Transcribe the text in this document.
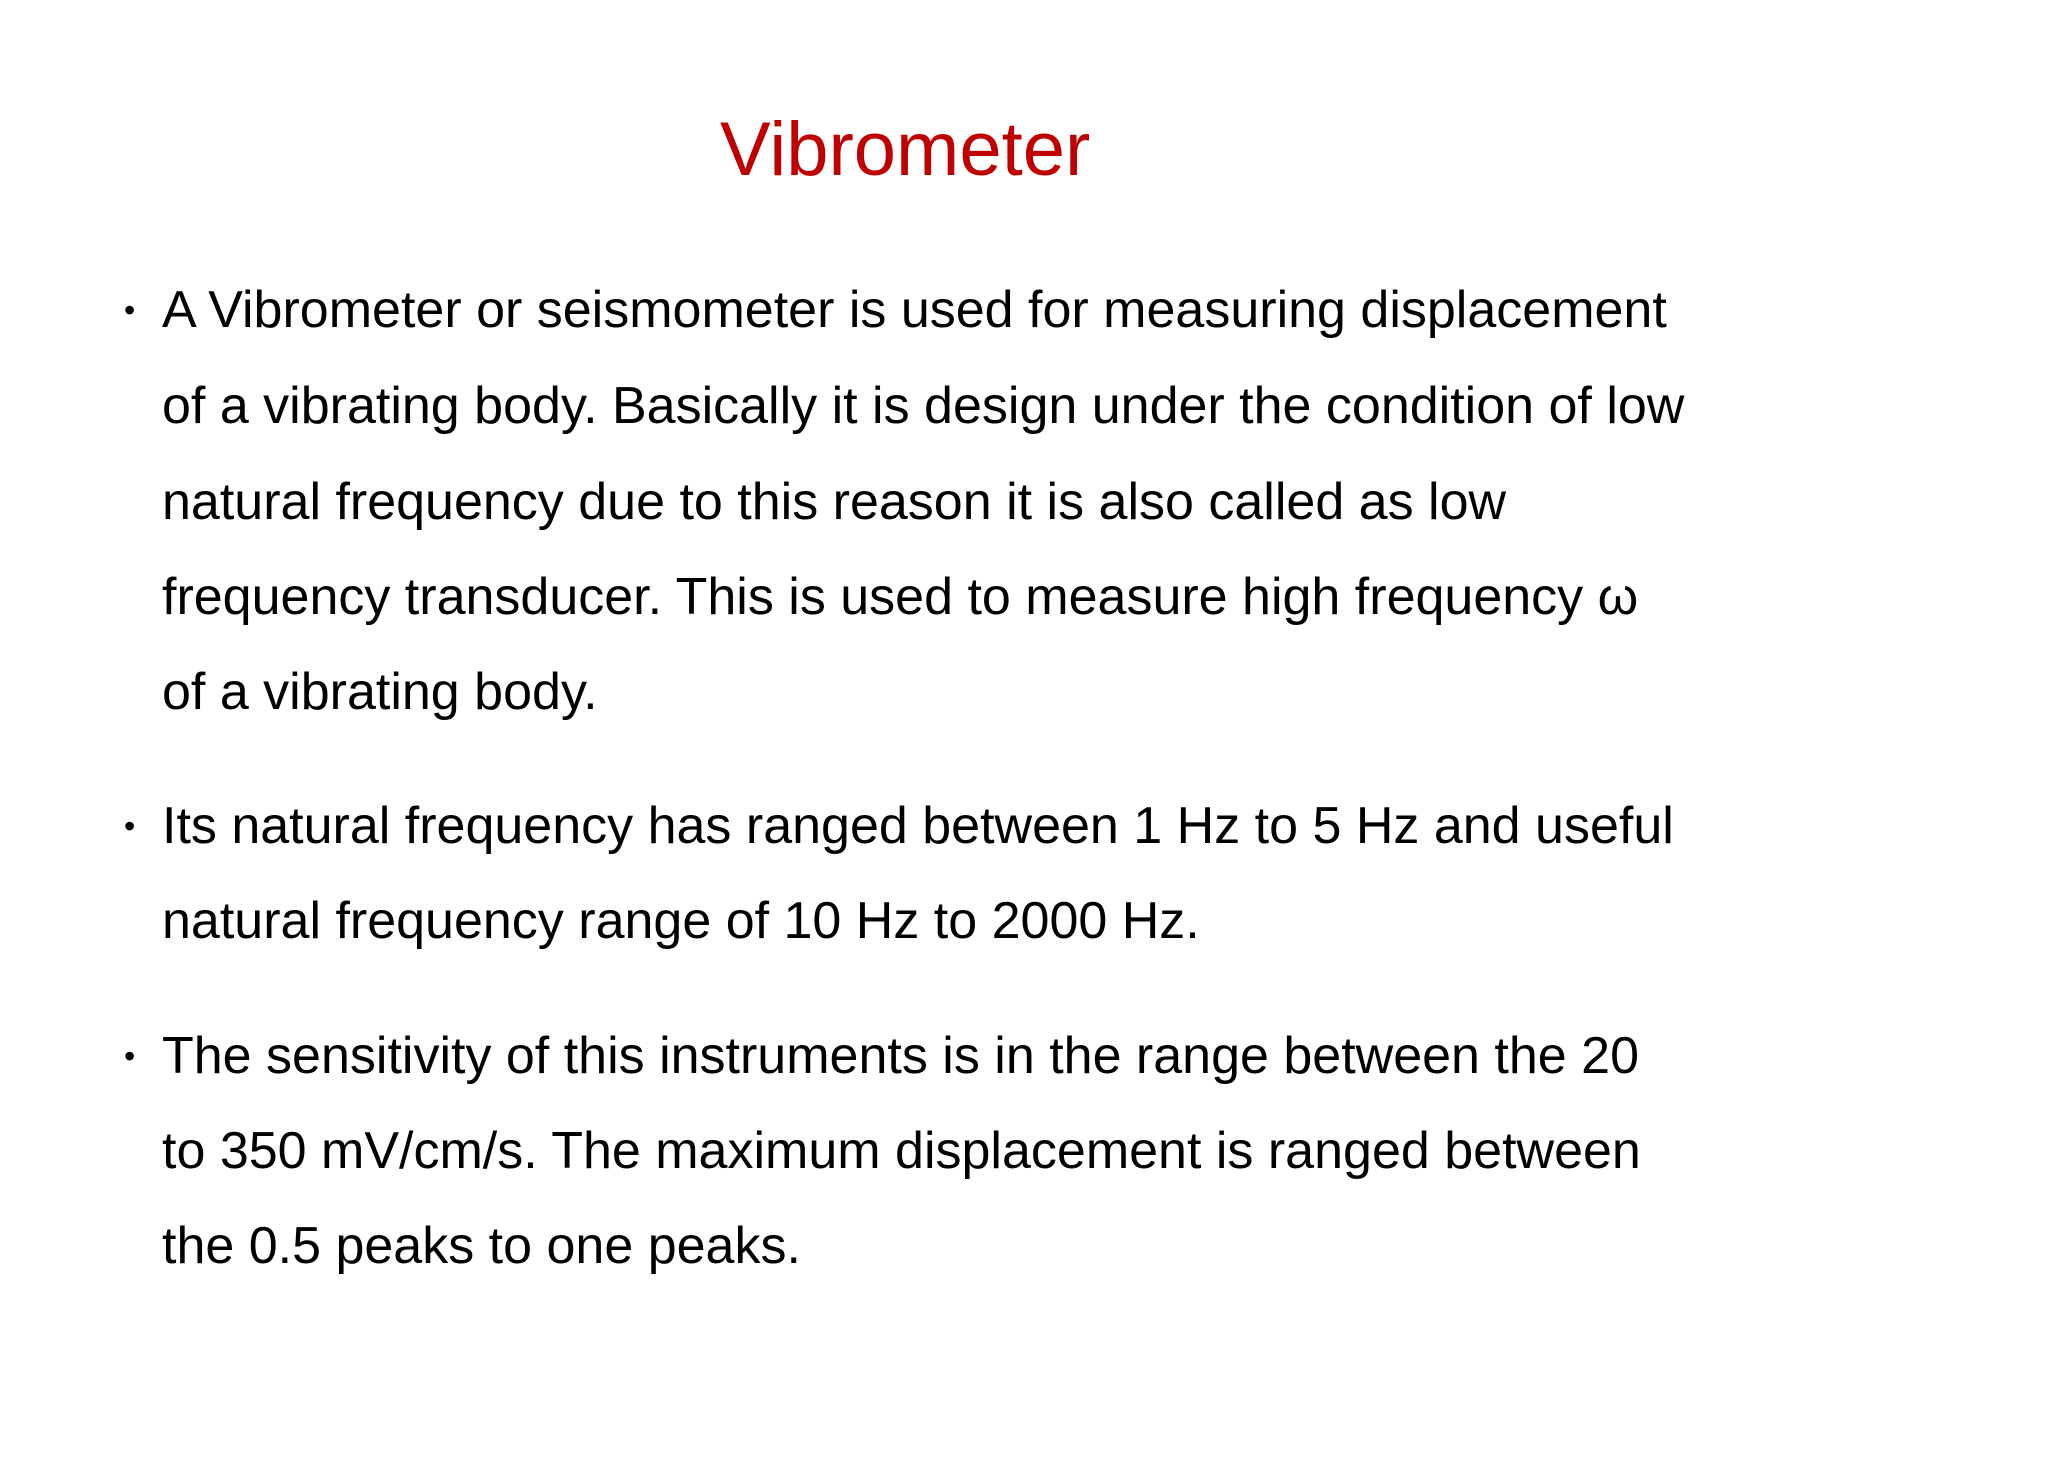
Vibrometer
• A Vibrometer or seismometer is used for measuring displacement
of a vibrating body. Basically it is design under the condition of low
natural frequency due to this reason it is also called as low
frequency transducer. This is used to measure high frequency ω
of a vibrating body.
• Its natural frequency has ranged between 1 Hz to 5 Hz and useful
natural frequency range of 10 Hz to 2000 Hz.
• The sensitivity of this instruments is in the range between the 20
to 350 mV/cm/s. The maximum displacement is ranged between
the 0.5 peaks to one peaks.
